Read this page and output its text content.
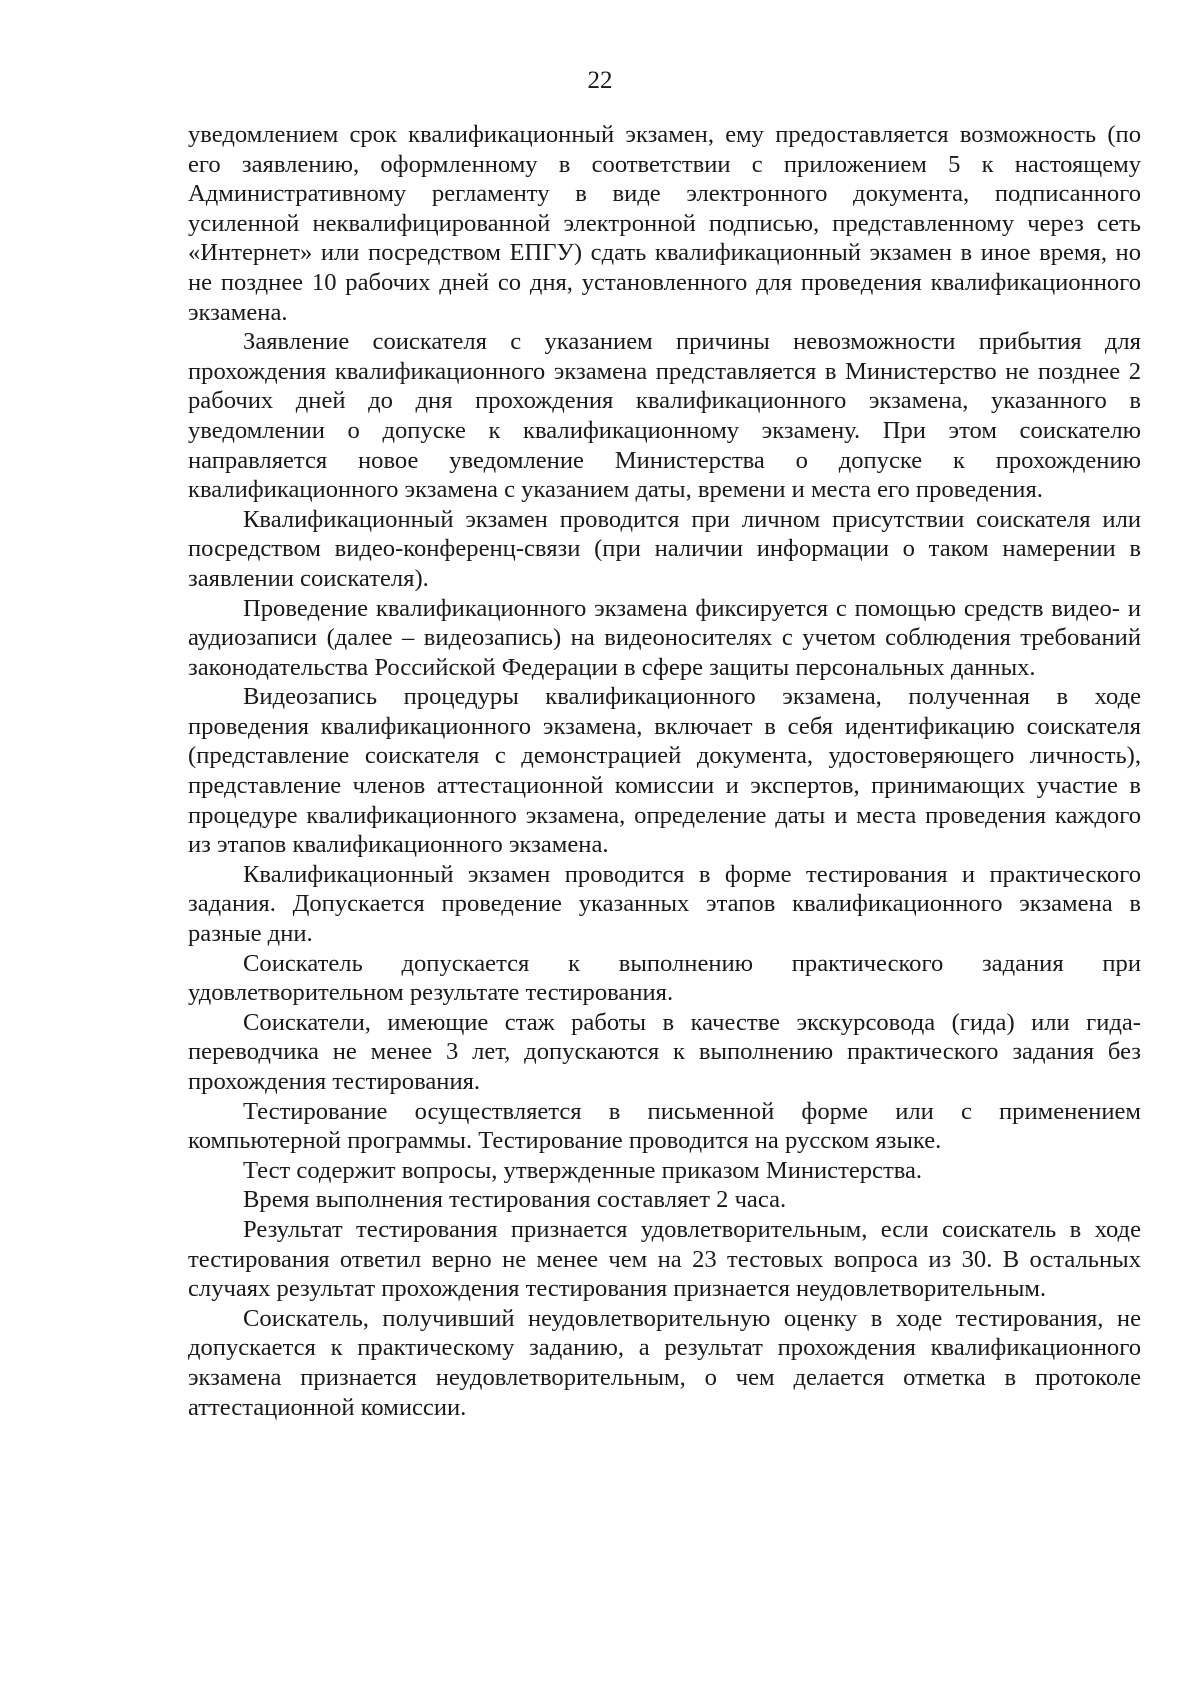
22

уведомлением срок квалификационный экзамен, ему предоставляется возможность (по его заявлению, оформленному в соответствии с приложением 5 к настоящему Административному регламенту в виде электронного документа, подписанного усиленной неквалифицированной электронной подписью, представленному через сеть «Интернет» или посредством ЕПГУ) сдать квалификационный экзамен в иное время, но не позднее 10 рабочих дней со дня, установленного для проведения квалификационного экзамена.

Заявление соискателя с указанием причины невозможности прибытия для прохождения квалификационного экзамена представляется в Министерство не позднее 2 рабочих дней до дня прохождения квалификационного экзамена, указанного в уведомлении о допуске к квалификационному экзамену. При этом соискателю направляется новое уведомление Министерства о допуске к прохождению квалификационного экзамена с указанием даты, времени и места его проведения.

Квалификационный экзамен проводится при личном присутствии соискателя или посредством видео-конференц-связи (при наличии информации о таком намерении в заявлении соискателя).

Проведение квалификационного экзамена фиксируется с помощью средств видео- и аудиозаписи (далее – видеозапись) на видеоносителях с учетом соблюдения требований законодательства Российской Федерации в сфере защиты персональных данных.

Видеозапись процедуры квалификационного экзамена, полученная в ходе проведения квалификационного экзамена, включает в себя идентификацию соискателя (представление соискателя с демонстрацией документа, удостоверяющего личность), представление членов аттестационной комиссии и экспертов, принимающих участие в процедуре квалификационного экзамена, определение даты и места проведения каждого из этапов квалификационного экзамена.

Квалификационный экзамен проводится в форме тестирования и практического задания. Допускается проведение указанных этапов квалификационного экзамена в разные дни.

Соискатель допускается к выполнению практического задания при удовлетворительном результате тестирования.

Соискатели, имеющие стаж работы в качестве экскурсовода (гида) или гида-переводчика не менее 3 лет, допускаются к выполнению практического задания без прохождения тестирования.

Тестирование осуществляется в письменной форме или с применением компьютерной программы. Тестирование проводится на русском языке.

Тест содержит вопросы, утвержденные приказом Министерства.

Время выполнения тестирования составляет 2 часа.

Результат тестирования признается удовлетворительным, если соискатель в ходе тестирования ответил верно не менее чем на 23 тестовых вопроса из 30. В остальных случаях результат прохождения тестирования признается неудовлетворительным.

Соискатель, получивший неудовлетворительную оценку в ходе тестирования, не допускается к практическому заданию, а результат прохождения квалификационного экзамена признается неудовлетворительным, о чем делается отметка в протоколе аттестационной комиссии.
